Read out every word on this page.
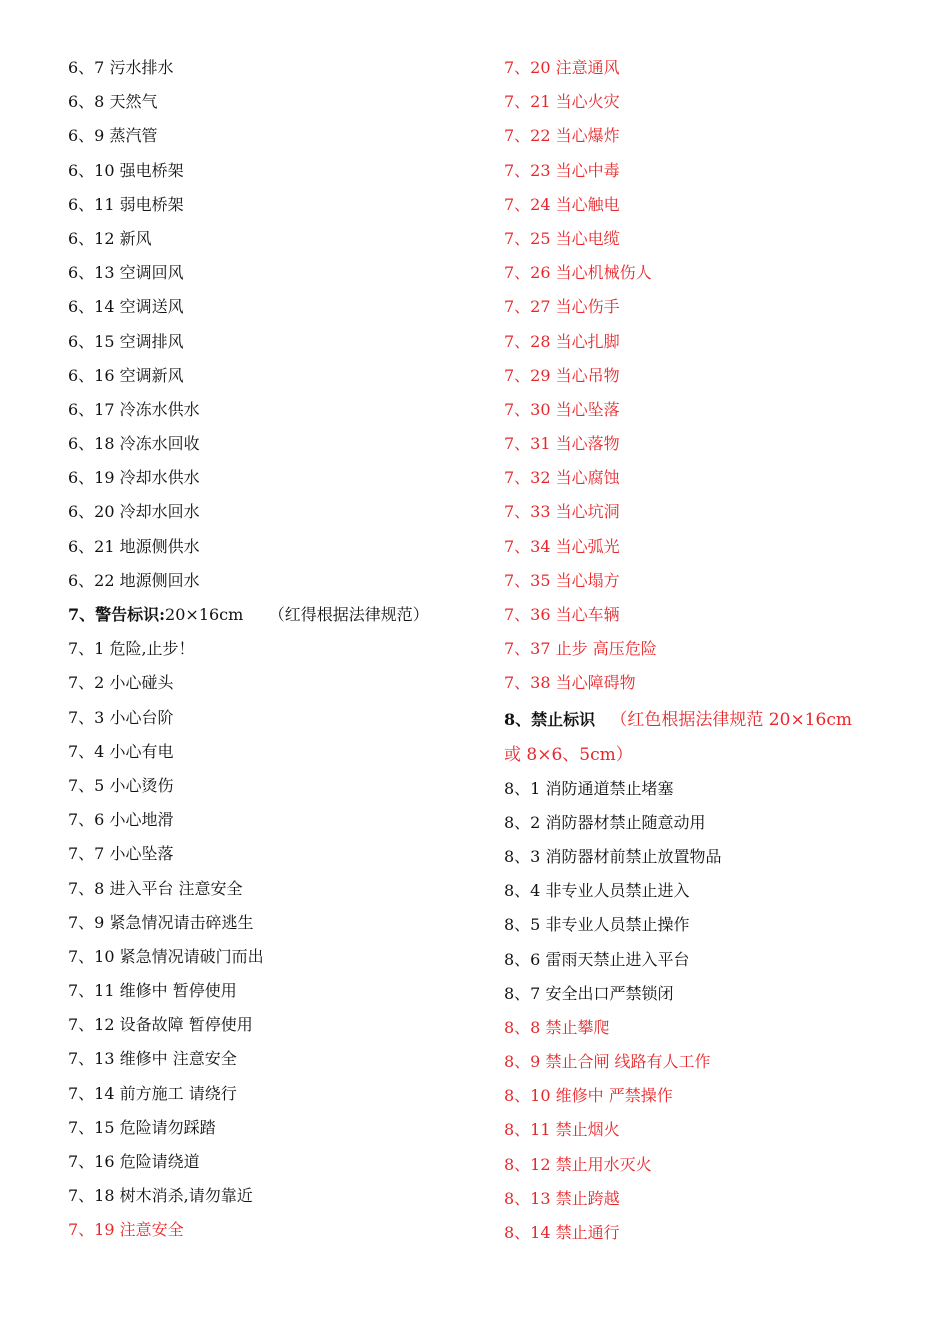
6、7 污水排水
6、8 天然气
6、9 蒸汽管
6、10 强电桥架
6、11 弱电桥架
6、12 新风
6、13 空调回风
6、14 空调送风
6、15 空调排风
6、16 空调新风
6、17 冷冻水供水
6、18 冷冻水回收
6、19 冷却水供水
6、20 冷却水回水
6、21 地源侧供水
6、22 地源侧回水
7、警告标识:20×16cm （红得根据法律规范）
7、1 危险,止步！
7、2 小心碰头
7、3 小心台阶
7、4 小心有电
7、5 小心烫伤
7、6 小心地滑
7、7 小心坠落
7、8 进入平台 注意安全
7、9 紧急情况请击碎逃生
7、10 紧急情况请破门而出
7、11 维修中 暂停使用
7、12 设备故障 暂停使用
7、13 维修中 注意安全
7、14 前方施工 请绕行
7、15 危险请勿踩踏
7、16 危险请绕道
7、18 树木消杀,请勿靠近
7、19 注意安全
7、20 注意通风
7、21 当心火灾
7、22 当心爆炸
7、23 当心中毒
7、24 当心触电
7、25 当心电缆
7、26 当心机械伤人
7、27 当心伤手
7、28 当心扎脚
7、29 当心吊物
7、30 当心坠落
7、31 当心落物
7、32 当心腐蚀
7、33 当心坑洞
7、34 当心弧光
7、35 当心塌方
7、36 当心车辆
7、37 止步 高压危险
7、38 当心障碍物
8、禁止标识 （红色根据法律规范 20×16cm
或 8×6、5cm）
8、1 消防通道禁止堵塞
8、2 消防器材禁止随意动用
8、3 消防器材前禁止放置物品
8、4 非专业人员禁止进入
8、5 非专业人员禁止操作
8、6 雷雨天禁止进入平台
8、7 安全出口严禁锁闭
8、8 禁止攀爬
8、9 禁止合闸 线路有人工作
8、10 维修中 严禁操作
8、11 禁止烟火
8、12 禁止用水灭火
8、13 禁止跨越
8、14 禁止通行
